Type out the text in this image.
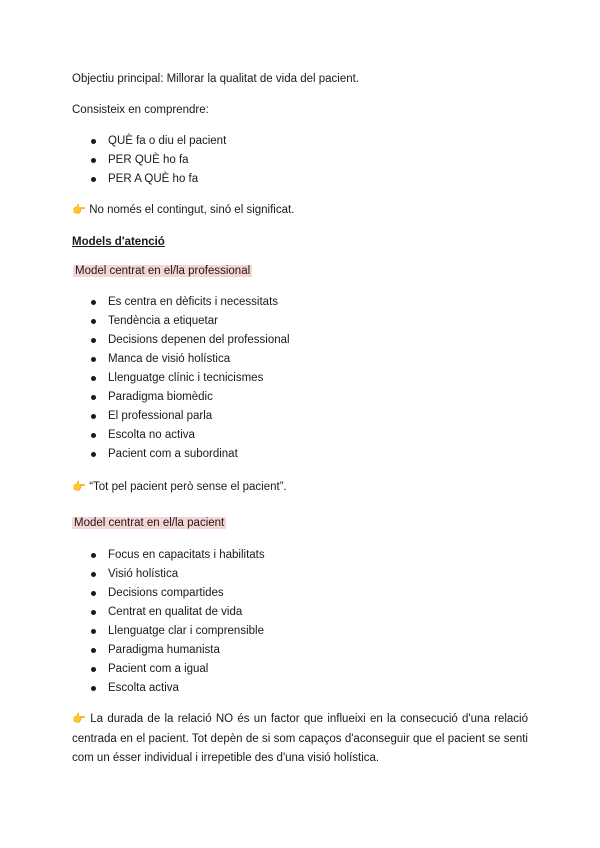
Objectiu principal: Millorar la qualitat de vida del pacient.

Consisteix en comprendre:

QUÈ fa o diu el pacient
PER QUÈ ho fa
PER A QUÈ ho fa

👉 No només el contingut, sinó el significat.

Models d'atenció

Model centrat en el/la professional

Es centra en dèficits i necessitats
Tendència a etiquetar
Decisions depenen del professional
Manca de visió holística
Llenguatge clínic i tecnicismes
Paradigma biomèdic
El professional parla
Escolta no activa
Pacient com a subordinat

👉 “Tot pel pacient però sense el pacient”.

Model centrat en el/la pacient

Focus en capacitats i habilitats
Visió holística
Decisions compartides
Centrat en qualitat de vida
Llenguatge clar i comprensible
Paradigma humanista
Pacient com a igual
Escolta activa

👉 La durada de la relació NO és un factor que influeixi en la consecució d'una relació centrada en el pacient. Tot depèn de si som capaços d'aconseguir que el pacient se senti com un ésser individual i irrepetible des d'una visió holística.
